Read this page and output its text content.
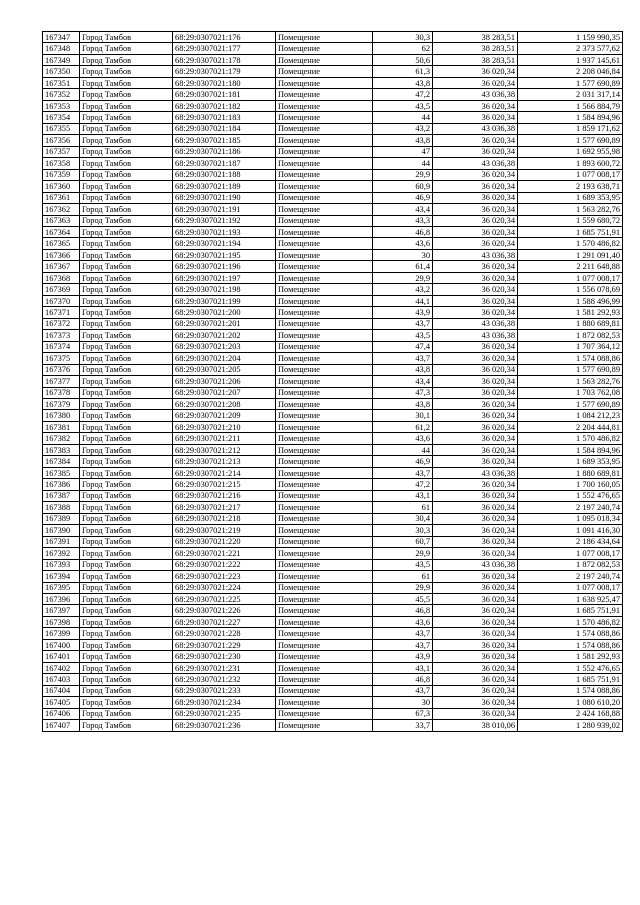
167347	Город Тамбов	68:29:0307021:176	Помещение	30,3	38 283,51	1 159 990,35
167348	Город Тамбов	68:29:0307021:177	Помещение	62	38 283,51	2 373 577,62
167349	Город Тамбов	68:29:0307021:178	Помещение	50,6	38 283,51	1 937 145,61
167350	Город Тамбов	68:29:0307021:179	Помещение	61,3	36 020,34	2 208 046,84
167351	Город Тамбов	68:29:0307021:180	Помещение	43,8	36 020,34	1 577 690,89
167352	Город Тамбов	68:29:0307021:181	Помещение	47,2	43 036,38	2 031 317,14
167353	Город Тамбов	68:29:0307021:182	Помещение	43,5	36 020,34	1 566 884,79
167354	Город Тамбов	68:29:0307021:183	Помещение	44	36 020,34	1 584 894,96
167355	Город Тамбов	68:29:0307021:184	Помещение	43,2	43 036,38	1 859 171,62
167356	Город Тамбов	68:29:0307021:185	Помещение	43,8	36 020,34	1 577 690,89
167357	Город Тамбов	68:29:0307021:186	Помещение	47	36 020,34	1 692 955,98
167358	Город Тамбов	68:29:0307021:187	Помещение	44	43 036,38	1 893 600,72
167359	Город Тамбов	68:29:0307021:188	Помещение	29,9	36 020,34	1 077 008,17
167360	Город Тамбов	68:29:0307021:189	Помещение	60,9	36 020,34	2 193 638,71
167361	Город Тамбов	68:29:0307021:190	Помещение	46,9	36 020,34	1 689 353,95
167362	Город Тамбов	68:29:0307021:191	Помещение	43,4	36 020,34	1 563 282,76
167363	Город Тамбов	68:29:0307021:192	Помещение	43,3	36 020,34	1 559 680,72
167364	Город Тамбов	68:29:0307021:193	Помещение	46,8	36 020,34	1 685 751,91
167365	Город Тамбов	68:29:0307021:194	Помещение	43,6	36 020,34	1 570 486,82
167366	Город Тамбов	68:29:0307021:195	Помещение	30	43 036,38	1 291 091,40
167367	Город Тамбов	68:29:0307021:196	Помещение	61,4	36 020,34	2 211 648,88
167368	Город Тамбов	68:29:0307021:197	Помещение	29,9	36 020,34	1 077 008,17
167369	Город Тамбов	68:29:0307021:198	Помещение	43,2	36 020,34	1 556 078,69
167370	Город Тамбов	68:29:0307021:199	Помещение	44,1	36 020,34	1 588 496,99
167371	Город Тамбов	68:29:0307021:200	Помещение	43,9	36 020,34	1 581 292,93
167372	Город Тамбов	68:29:0307021:201	Помещение	43,7	43 036,38	1 880 689,81
167373	Город Тамбов	68:29:0307021:202	Помещение	43,5	43 036,38	1 872 082,53
167374	Город Тамбов	68:29:0307021:203	Помещение	47,4	36 020,34	1 707 364,12
167375	Город Тамбов	68:29:0307021:204	Помещение	43,7	36 020,34	1 574 088,86
167376	Город Тамбов	68:29:0307021:205	Помещение	43,8	36 020,34	1 577 690,89
167377	Город Тамбов	68:29:0307021:206	Помещение	43,4	36 020,34	1 563 282,76
167378	Город Тамбов	68:29:0307021:207	Помещение	47,3	36 020,34	1 703 762,08
167379	Город Тамбов	68:29:0307021:208	Помещение	43,8	36 020,34	1 577 690,89
167380	Город Тамбов	68:29:0307021:209	Помещение	30,1	36 020,34	1 084 212,23
167381	Город Тамбов	68:29:0307021:210	Помещение	61,2	36 020,34	2 204 444,81
167382	Город Тамбов	68:29:0307021:211	Помещение	43,6	36 020,34	1 570 486,82
167383	Город Тамбов	68:29:0307021:212	Помещение	44	36 020,34	1 584 894,96
167384	Город Тамбов	68:29:0307021:213	Помещение	46,9	36 020,34	1 689 353,95
167385	Город Тамбов	68:29:0307021:214	Помещение	43,7	43 036,38	1 880 689,81
167386	Город Тамбов	68:29:0307021:215	Помещение	47,2	36 020,34	1 700 160,05
167387	Город Тамбов	68:29:0307021:216	Помещение	43,1	36 020,34	1 552 476,65
167388	Город Тамбов	68:29:0307021:217	Помещение	61	36 020,34	2 197 240,74
167389	Город Тамбов	68:29:0307021:218	Помещение	30,4	36 020,34	1 095 018,34
167390	Город Тамбов	68:29:0307021:219	Помещение	30,3	36 020,34	1 091 416,30
167391	Город Тамбов	68:29:0307021:220	Помещение	60,7	36 020,34	2 186 434,64
167392	Город Тамбов	68:29:0307021:221	Помещение	29,9	36 020,34	1 077 008,17
167393	Город Тамбов	68:29:0307021:222	Помещение	43,5	43 036,38	1 872 082,53
167394	Город Тамбов	68:29:0307021:223	Помещение	61	36 020,34	2 197 240,74
167395	Город Тамбов	68:29:0307021:224	Помещение	29,9	36 020,34	1 077 008,17
167396	Город Тамбов	68:29:0307021:225	Помещение	45,5	36 020,34	1 638 925,47
167397	Город Тамбов	68:29:0307021:226	Помещение	46,8	36 020,34	1 685 751,91
167398	Город Тамбов	68:29:0307021:227	Помещение	43,6	36 020,34	1 570 486,82
167399	Город Тамбов	68:29:0307021:228	Помещение	43,7	36 020,34	1 574 088,86
167400	Город Тамбов	68:29:0307021:229	Помещение	43,7	36 020,34	1 574 088,86
167401	Город Тамбов	68:29:0307021:230	Помещение	43,9	36 020,34	1 581 292,93
167402	Город Тамбов	68:29:0307021:231	Помещение	43,1	36 020,34	1 552 476,65
167403	Город Тамбов	68:29:0307021:232	Помещение	46,8	36 020,34	1 685 751,91
167404	Город Тамбов	68:29:0307021:233	Помещение	43,7	36 020,34	1 574 088,86
167405	Город Тамбов	68:29:0307021:234	Помещение	30	36 020,34	1 080 610,20
167406	Город Тамбов	68:29:0307021:235	Помещение	67,3	36 020,34	2 424 168,88
167407	Город Тамбов	68:29:0307021:236	Помещение	33,7	38 010,06	1 280 939,02
